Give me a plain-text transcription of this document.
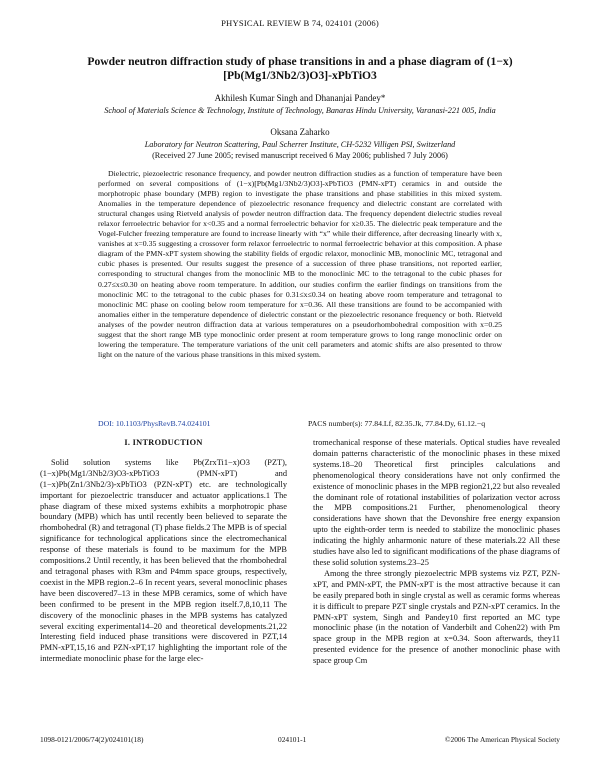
PHYSICAL REVIEW B 74, 024101 (2006)
Powder neutron diffraction study of phase transitions in and a phase diagram of (1−x)[Pb(Mg1/3Nb2/3)O3]-xPbTiO3
Akhilesh Kumar Singh and Dhananjai Pandey*
School of Materials Science & Technology, Institute of Technology, Banaras Hindu University, Varanasi-221 005, India
Oksana Zaharko
Laboratory for Neutron Scattering, Paul Scherrer Institute, CH-5232 Villigen PSI, Switzerland
(Received 27 June 2005; revised manuscript received 6 May 2006; published 7 July 2006)
Dielectric, piezoelectric resonance frequency, and powder neutron diffraction studies as a function of temperature have been performed on several compositions of (1−x)[Pb(Mg1/3Nb2/3)O3]-xPbTiO3 (PMN-xPT) ceramics in and outside the morphotropic phase boundary (MPB) region to investigate the phase transitions and phase stabilities in this mixed system. Anomalies in the temperature dependence of piezoelectric resonance frequency and dielectric constant are correlated with structural changes using Rietveld analysis of powder neutron diffraction data. The frequency dependent dielectric studies reveal relaxor ferroelectric behavior for x<0.35 and a normal ferroelectric behavior for x≥0.35. The dielectric peak temperature and the Vogel-Fulcher freezing temperature are found to increase linearly with “x” while their difference, after decreasing linearly with x, vanishes at x=0.35 suggesting a crossover form relaxor ferroelectric to normal ferroelectric behavior at this composition. A phase diagram of the PMN-xPT system showing the stability fields of ergodic relaxor, monoclinic MB, monoclinic MC, tetragonal and cubic phases is presented. Our results suggest the presence of a succession of three phase transitions, not reported earlier, corresponding to structural changes from the monoclinic MB to the monoclinic MC to the tetragonal to the cubic phases for 0.27≤x≤0.30 on heating above room temperature. In addition, our studies confirm the earlier findings on transitions from the monoclinic MC to the tetragonal to the cubic phases for 0.31≤x≤0.34 on heating above room temperature and tetragonal to monoclinic MC phase on cooling below room temperature for x=0.36. All these transitions are found to be accompanied with anomalies either in the temperature dependence of dielectric constant or the piezoelectric resonance frequency or both. Rietveld analyses of the powder neutron diffraction data at various temperatures on a pseudorhombohedral composition with x=0.25 suggest that the short range MB type monoclinic order present at room temperature grows to long range monoclinic order on lowering the temperature. The temperature variations of the unit cell parameters and atomic shifts are also presented to throw light on the nature of the various phase transitions in this mixed system.
DOI: 10.1103/PhysRevB.74.024101	PACS number(s): 77.84.Lf, 82.35.Jk, 77.84.Dy, 61.12.−q
I. INTRODUCTION

Solid solution systems like Pb(ZrxTi1−x)O3 (PZT), (1−x)Pb(Mg1/3Nb2/3)O3-xPbTiO3 (PMN-xPT) and (1−x)Pb(Zn1/3Nb2/3)-xPbTiO3 (PZN-xPT) etc. are technologically important for piezoelectric transducer and actuator applications.1 The phase diagram of these mixed systems exhibits a morphotropic phase boundary (MPB) which has until recently been believed to separate the rhombohedral (R) and tetragonal (T) phase fields.2 The MPB is of special significance for technological applications since the electromechanical response of these materials is found to be maximum for the MPB compositions.2 Until recently, it has been believed that the rhombohedral and tetragonal phases with R3m and P4mm space groups, respectively, coexist in the MPB region.2–6 In recent years, several monoclinic phases have been discovered7–13 in these MPB ceramics, some of which have been confirmed to be present in the MPB region itself.7,8,10,11 The discovery of the monoclinic phases in the MPB systems has catalyzed several exciting experimental14–20 and theoretical developments.21,22 Interesting field induced phase transitions were discovered in PZT,14 PMN-xPT,15,16 and PZN-xPT,17 highlighting the important role of the intermediate monoclinic phase for the large elec-

tromechanical response of these materials. Optical studies have revealed domain patterns characteristic of the monoclinic phases in these mixed systems.18–20 Theoretical first principles calculations and phenomenological theory considerations have not only confirmed the existence of monoclinic phases in the MPB region21,22 but also revealed the dominant role of rotational instabilities of polarization vector across the MPB compositions.21 Further, phenomenological theory considerations have shown that the Devonshire free energy expansion upto the eighth-order term is needed to stabilize the monoclinic phases indicating the highly anharmonic nature of these materials.22 All these studies have also led to significant modifications of the phase diagrams of these solid solution systems.23–25

Among the three strongly piezoelectric MPB systems viz PZT, PZN-xPT, and PMN-xPT, the PMN-xPT is the most attractive because it can be easily prepared both in single crystal as well as ceramic forms whereas it is difficult to prepare PZT single crystals and PZN-xPT ceramics. In the PMN-xPT system, Singh and Pandey10 first reported an MC type monoclinic phase (in the notation of Vanderbilt and Cohen22) with Pm space group in the MPB region at x=0.34. Soon afterwards, they11 presented evidence for the presence of another monoclinic phase with space group Cm

1098-0121/2006/74(2)/024101(18)	024101-1	©2006 The American Physical Society
